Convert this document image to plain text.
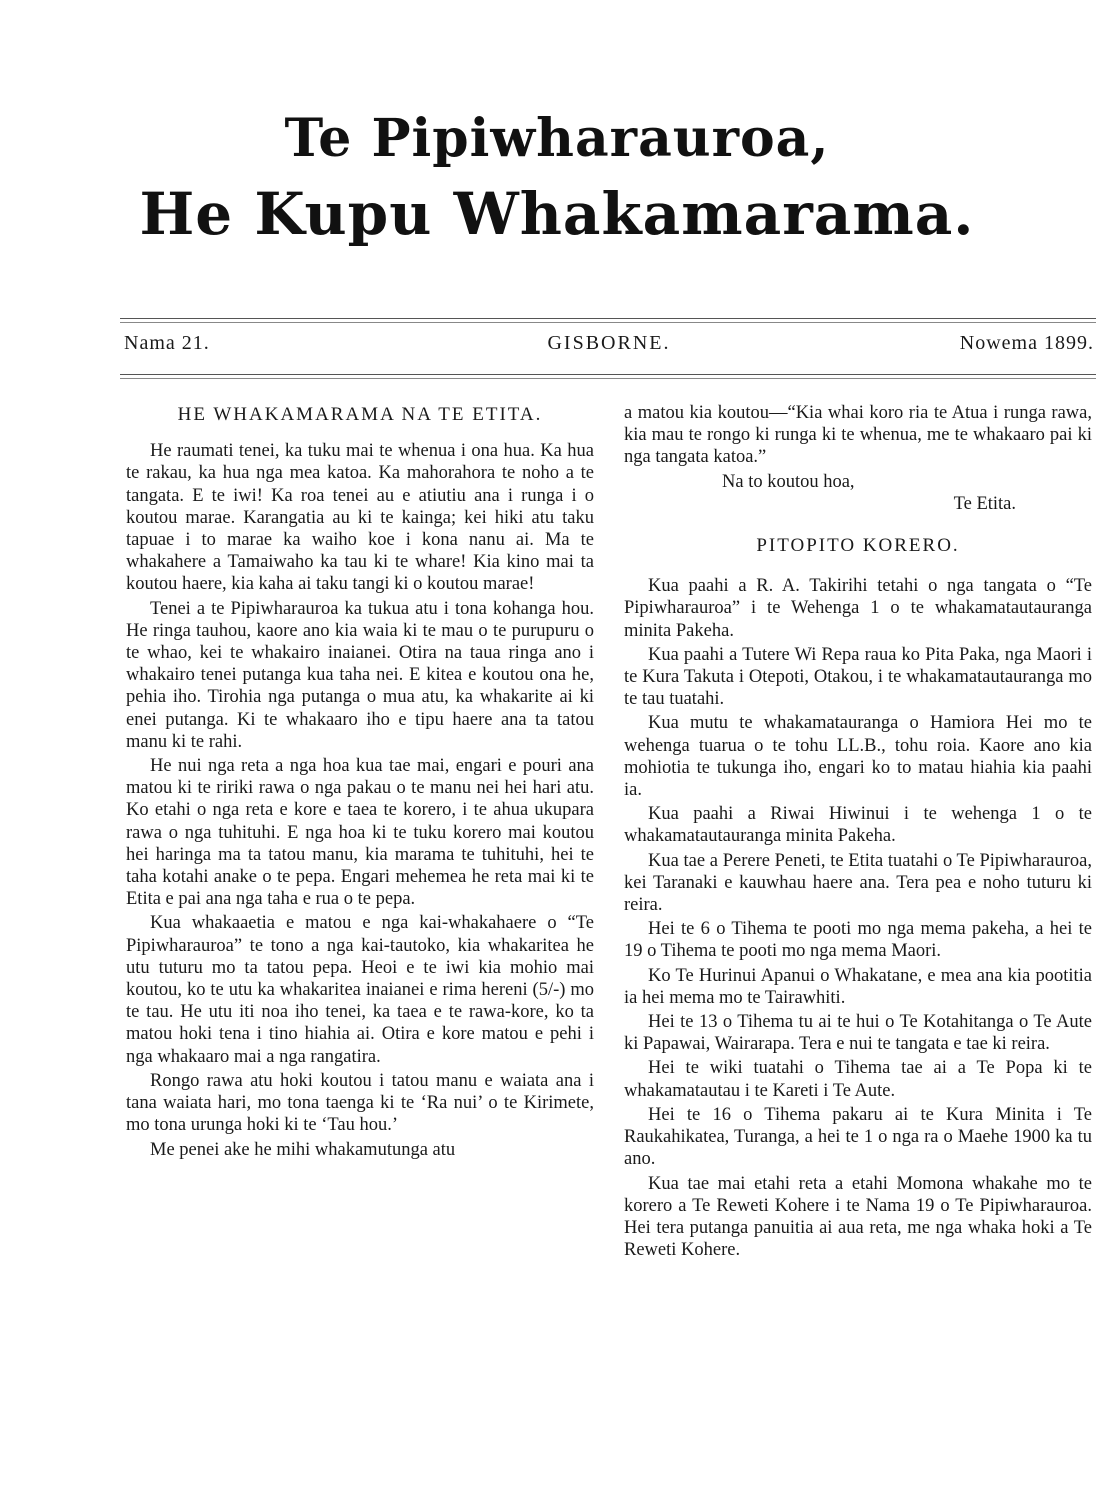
Te Pipiwharauroa,
He Kupu Whakamarama.
Nama 21.	GISBORNE.	Nowema 1899.
HE WHAKAMARAMA NA TE ETITA.

He raumati tenei, ka tuku mai te whenua i ona hua. Ka hua te rakau, ka hua nga mea katoa. Ka mahorahora te noho a te tangata. E te iwi! Ka roa tenei au e atiutiu ana i runga i o koutou marae. Karangatia au ki te kainga; kei hiki atu taku tapuae i to marae ka waiho koe i kona nanu ai. Ma te whakahere a Tamaiwaho ka tau ki te whare! Kia kino mai ta koutou haere, kia kaha ai taku tangi ki o koutou marae!

Tenei a te Pipiwharauroa ka tukua atu i tona kohanga hou. He ringa tauhou, kaore ano kia waia ki te mau o te purupuru o te whao, kei te whakairo inaianei. Otira na taua ringa ano i whakairo tenei putanga kua taha nei. E kitea e koutou ona he, pehia iho. Tirohia nga putanga o mua atu, ka whakarite ai ki enei putanga. Ki te whakaaro iho e tipu haere ana ta tatou manu ki te rahi.

He nui nga reta a nga hoa kua tae mai, engari e pouri ana matou ki te ririki rawa o nga pakau o te manu nei hei hari atu. Ko etahi o nga reta e kore e taea te korero, i te ahua ukupara rawa o nga tuhituhi. E nga hoa ki te tuku korero mai koutou hei haringa ma ta tatou manu, kia marama te tuhituhi, hei te taha kotahi anake o te pepa. Engari mehemea he reta mai ki te Etita e pai ana nga taha e rua o te pepa.

Kua whakaaetia e matou e nga kai-whakahaere o “Te Pipiwharauroa” te tono a nga kai-tautoko, kia whakaritea he utu tuturu mo ta tatou pepa. Heoi e te iwi kia mohio mai koutou, ko te utu ka whakaritea inaianei e rima hereni (5/-) mo te tau. He utu iti noa iho tenei, ka taea e te rawa-kore, ko ta matou hoki tena i tino hiahia ai. Otira e kore matou e pehi i nga whakaaro mai a nga rangatira.

Rongo rawa atu hoki koutou i tatou manu e waiata ana i tana waiata hari, mo tona taenga ki te ‘Ra nui’ o te Kirimete, mo tona urunga hoki ki te ‘Tau hou.’

Me penei ake he mihi whakamutunga atu

a matou kia koutou—“Kia whai koro ria te Atua i runga rawa, kia mau te rongo ki runga ki te whenua, me te whakaaro pai ki nga tangata katoa.”

Na to koutou hoa,
Te Etita.
PITOPITO KORERO.

Kua paahi a R. A. Takirihi tetahi o nga tangata o “Te Pipiwharauroa” i te Wehenga 1 o te whakamatautauranga minita Pakeha.

Kua paahi a Tutere Wi Repa raua ko Pita Paka, nga Maori i te Kura Takuta i Otepoti, Otakou, i te whakamatautauranga mo te tau tuatahi.

Kua mutu te whakamatauranga o Hamiora Hei mo te wehenga tuarua o te tohu LL.B., tohu roia. Kaore ano kia mohiotia te tukunga iho, engari ko to matau hiahia kia paahi ia.

Kua paahi a Riwai Hiwinui i te wehenga 1 o te whakamatautauranga minita Pakeha.

Kua tae a Perere Peneti, te Etita tuatahi o Te Pipiwharauroa, kei Taranaki e kauwhau haere ana. Tera pea e noho tuturu ki reira.

Hei te 6 o Tihema te pooti mo nga mema pakeha, a hei te 19 o Tihema te pooti mo nga mema Maori.

Ko Te Hurinui Apanui o Whakatane, e mea ana kia pootitia ia hei mema mo te Tairawhiti.

Hei te 13 o Tihema tu ai te hui o Te Kotahitanga o Te Aute ki Papawai, Wairarapa. Tera e nui te tangata e tae ki reira.

Hei te wiki tuatahi o Tihema tae ai a Te Popa ki te whakamatautau i te Kareti i Te Aute.

Hei te 16 o Tihema pakaru ai te Kura Minita i Te Raukahikatea, Turanga, a hei te 1 o nga ra o Maehe 1900 ka tu ano.

Kua tae mai etahi reta a etahi Momona whakahe mo te korero a Te Reweti Kohere i te Nama 19 o Te Pipiwharauroa. Hei tera putanga panuitia ai aua reta, me nga whaka hoki a Te Reweti Kohere.
